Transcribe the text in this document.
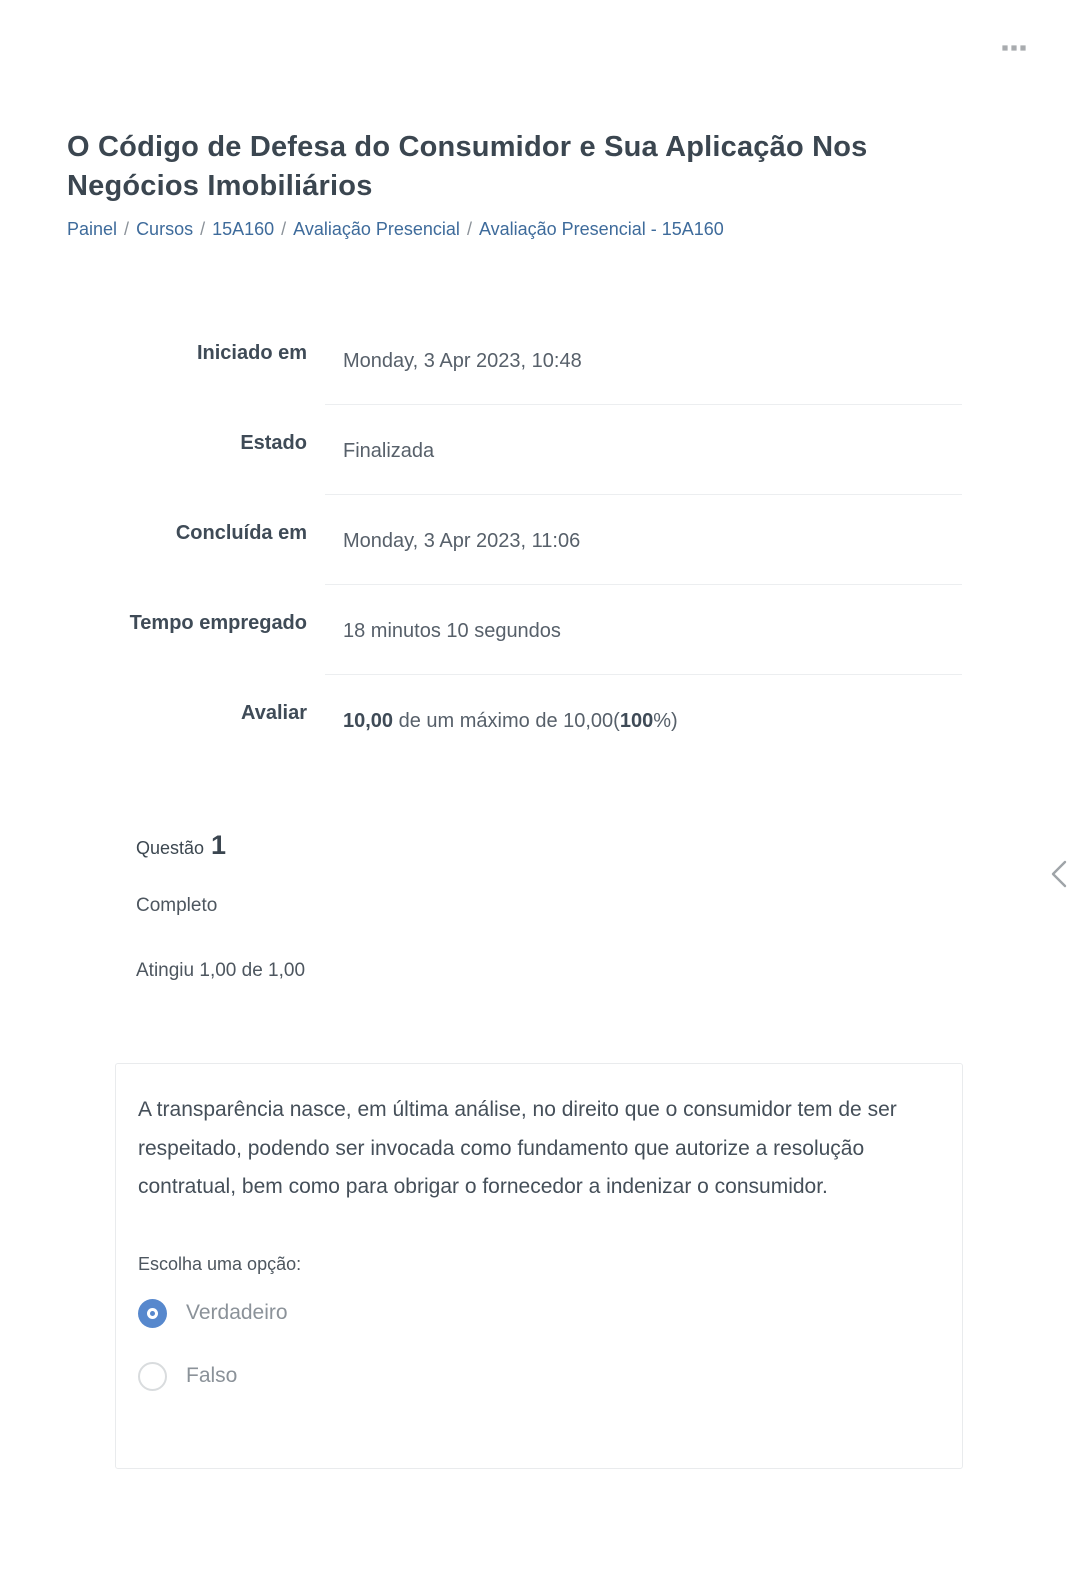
O Código de Defesa do Consumidor e Sua Aplicação Nos Negócios Imobiliários
Painel / Cursos / 15A160 / Avaliação Presencial / Avaliação Presencial - 15A160
Iniciado em	Monday, 3 Apr 2023, 10:48
Estado	Finalizada
Concluída em	Monday, 3 Apr 2023, 11:06
Tempo empregado	18 minutos 10 segundos
Avaliar	10,00 de um máximo de 10,00(100%)
Questão 1
Completo
Atingiu 1,00 de 1,00

A transparência nasce, em última análise, no direito que o consumidor tem de ser respeitado, podendo ser invocada como fundamento que autorize a resolução contratual, bem como para obrigar o fornecedor a indenizar o consumidor.

Escolha uma opção:
Verdadeiro
Falso
